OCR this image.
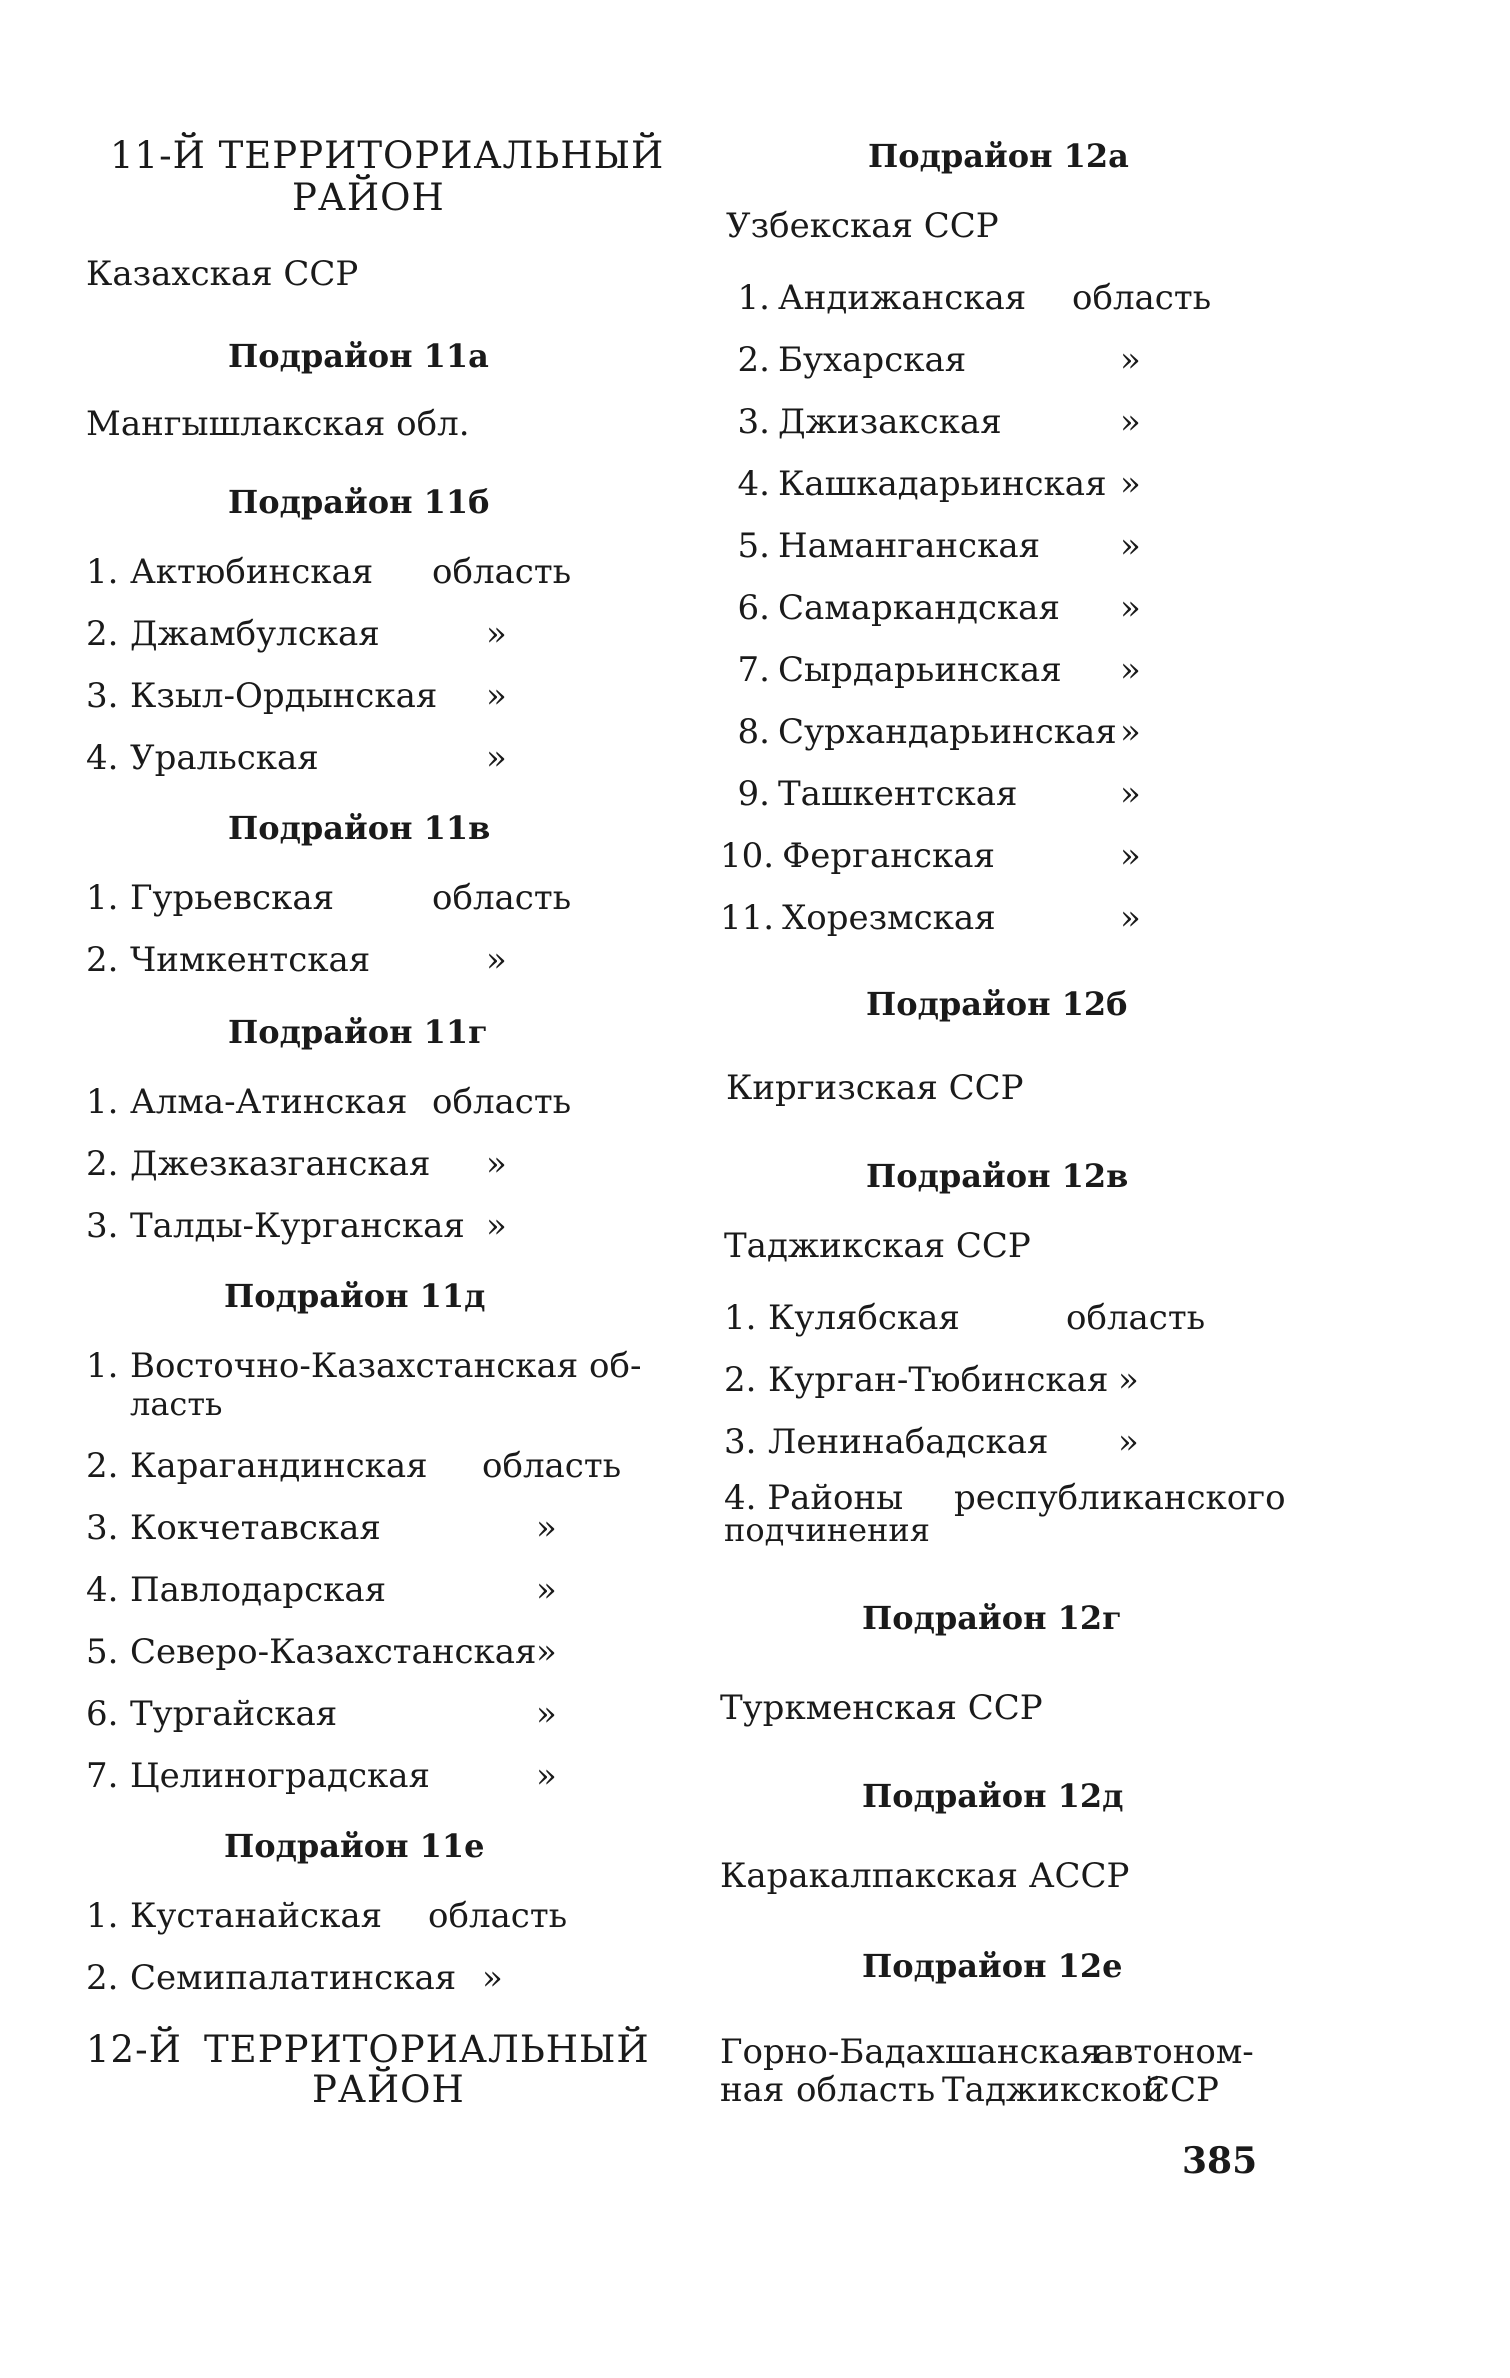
11-Й ТЕРРИТОРИАЛЬНЫЙ
РАЙОН
Казахская ССР
Подрайон 11а
Мангышлакская обл.
Подрайон 11б
1. Актюбинская область
2. Джамбулская	»
3. Кзыл-Ордынская »
4. Уральская	»
Подрайон 11в
1. Гурьевская	область
2. Чимкентская	»
Подрайон 11г
1. Алма-Атинская область
2. Джезказганская »
3. Талды-Курганская »
Подрайон 11д
1. Восточно-Казахстанская об-
ласть
2. Карагандинская область
3. Кокчетавская	»
4. Павлодарская	»
5. Северо-Казахстанская »
6. Тургайская	»
7. Целиноградская	»
Подрайон 11е
1. Кустанайская область
2. Семипалатинская »
12-Й ТЕРРИТОРИАЛЬНЫЙ
РАЙОН
Подрайон 12а
Узбекская ССР
1. Андижанская область
2. Бухарская	»
3. Джизакская	»
4. Кашкадарьинская »
5. Наманганская »
6. Самаркандская »
7. Сырдарьинская »
8. Сурхандарьинская »
9. Ташкентская	»
10. Ферганская	»
11. Хорезмская	»
Подрайон 12б
Киргизская ССР
Подрайон 12в
Таджикская ССР
1. Кулябская	область
2. Курган-Тюбинская »
3. Ленинабадская »
4. Районы республиканского
подчинения
Подрайон 12г
Туркменская ССР
Подрайон 12д
Каракалпакская АССР
Подрайон 12е
Горно-Бадахшанская
автоном-
ная область Таджикской
ССР
385
